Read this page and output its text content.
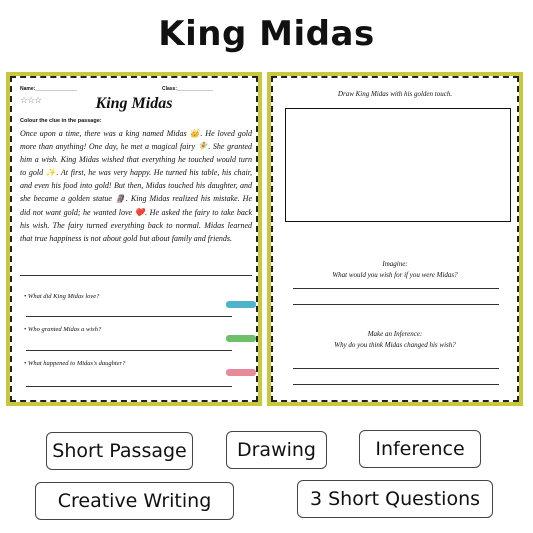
King Midas
Name:_______________	Class:_____________
☆☆☆	King Midas
Colour the clue in the passage:
Once upon a time, there was a king named Midas 👑. He loved gold more than anything! One day, he met a magical fairy 🧚. She granted him a wish. King Midas wished that everything he touched would turn to gold ✨. At first, he was very happy. He turned his table, his chair, and even his food into gold! But then, Midas touched his daughter, and she became a golden statue 🗿. King Midas realized his mistake. He did not want gold; he wanted love ❤️. He asked the fairy to take back his wish. The fairy turned everything back to normal. Midas learned that true happiness is not about gold but about family and friends.
• What did King Midas love?
• Who granted Midas a wish?
• What happened to Midas's daughter?
Draw King Midas with his golden touch.
Imagine:
What would you wish for if you were Midas?
Make an Inference:
Why do you think Midas changed his wish?
Short Passage	Drawing	Inference
Creative Writing	3 Short Questions
